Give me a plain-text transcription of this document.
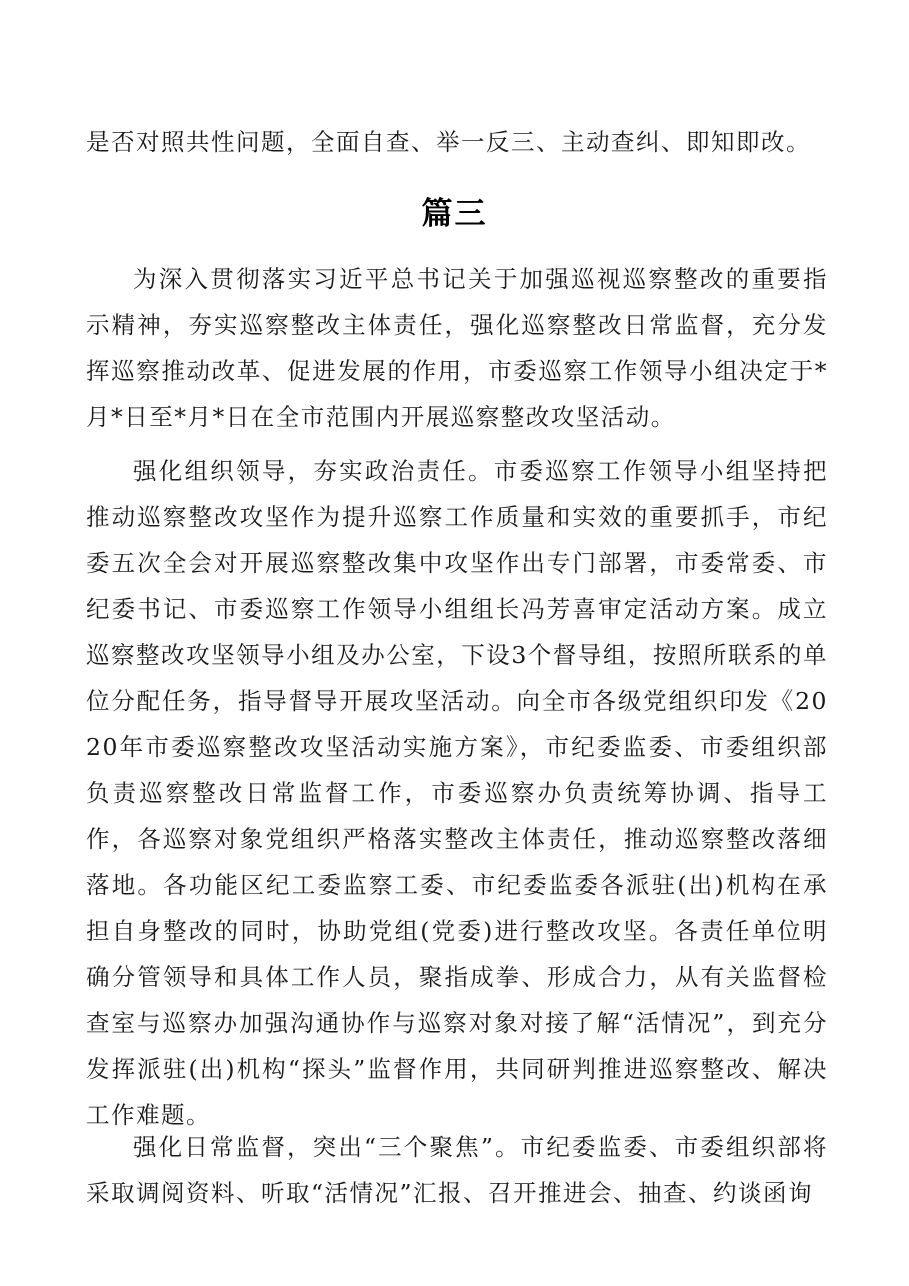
是否对照共性问题，全面自查、举一反三、主动查纠、即知即改。

篇三

为深入贯彻落实习近平总书记关于加强巡视巡察整改的重要指示精神，夯实巡察整改主体责任，强化巡察整改日常监督，充分发挥巡察推动改革、促进发展的作用，市委巡察工作领导小组决定于*月*日至*月*日在全市范围内开展巡察整改攻坚活动。

强化组织领导，夯实政治责任。市委巡察工作领导小组坚持把推动巡察整改攻坚作为提升巡察工作质量和实效的重要抓手，市纪委五次全会对开展巡察整改集中攻坚作出专门部署，市委常委、市纪委书记、市委巡察工作领导小组组长冯芳喜审定活动方案。成立巡察整改攻坚领导小组及办公室，下设3个督导组，按照所联系的单位分配任务，指导督导开展攻坚活动。向全市各级党组织印发《2020年市委巡察整改攻坚活动实施方案》，市纪委监委、市委组织部负责巡察整改日常监督工作，市委巡察办负责统筹协调、指导工作，各巡察对象党组织严格落实整改主体责任，推动巡察整改落细落地。各功能区纪工委监察工委、市纪委监委各派驻(出)机构在承担自身整改的同时，协助党组(党委)进行整改攻坚。各责任单位明确分管领导和具体工作人员，聚指成拳、形成合力，从有关监督检查室与巡察办加强沟通协作与巡察对象对接了解“活情况”，到充分发挥派驻(出)机构“探头”监督作用，共同研判推进巡察整改、解决工作难题。

强化日常监督，突出“三个聚焦”。市纪委监委、市委组织部将采取调阅资料、听取“活情况”汇报、召开推进会、抽查、约谈函询
